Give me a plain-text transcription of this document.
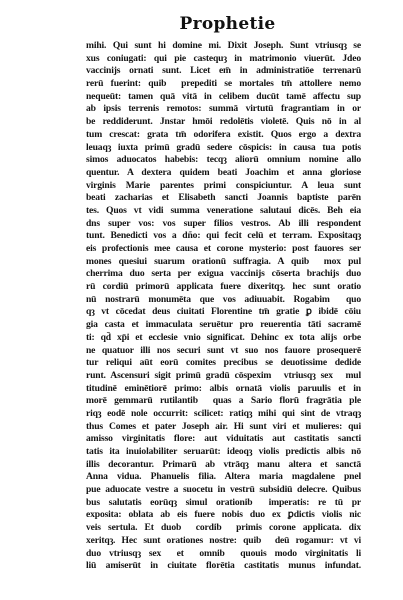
Prophetie
mihi. Qui sunt hi domine mi. Dixit Joseph. Sunt vtriusqȝ se
xus coniugati: qui pie castequȝ in matrimonio viuerūt. Jdeo
vaccinijs ornati sunt. Licet em̄ in administratiōe terrenarū
rerū fuerint: quib᷑ prepediti se mortales tm̄ attollere nemo
nequeūt: tamen quā vitā in celibem ducūt tamē affectu sup
ab ipsis terrenis remotos: summā virtutū fragrantiam in or
be reddiderunt. Jnstar hmōi redolētis violetē. Quis nō in al
tum crescat: grata tm̄ odorifera existit. Quos ergo a dextra
leuaqȝ iuxta primū gradū sedere cōspicis: in causa tua potis
simos aduocatos habebis: tecqȝ aliorū omnium nomine allo
quentur. A dextera quidem beati Joachim et anna gloriose
virginis Marie parentes primi conspiciuntur. A leua sunt
beati zacharias et Elisabeth sancti Joannis baptiste parēn
tes. Quos vt vidi summa veneratione salutaui dicēs. Beh eia
dns super vos: vos super filios vestros. Ab illi respondent
tunt. Benedicti vos a dño: qui fecit celū et terram. Expositaqȝ
eis profectionis mee causa et corone mysterio: post fauores ser
mones quesiui suarum orationū suffragia. A quib᷑ mox pul
cherrima duo serta per exigua vaccinijs cōserta brachijs duo
rū cordiū primorū applicata fuere dixeritqȝ. hec sunt oratio
nū nostrarū monumēta que vos adiuuabit. Rogabim᷑ quo
qȝ vt cōcedat deus ciuitati Florentine tm̄ gratie ꝑ ibidē cōiu
gia casta et immaculata seruētur pro reuerentia tāti sacramē
ti: qd̄ xp̄i et ecclesie vnio significat. Dehinc ex tota alijs orbe
ne quatuor illi nos securi sunt vt suo nos fauore prosequerē
tur reliqui aūt eorū comites precibus se deuotissime dedide
runt. Ascensuri sigit primū gradū cōspexim᷑ vtriusqȝ sex᷑ mul
titudinē eminētiorē primo: albis ornatā violis paruulis et in
morē gemmarū rutilantib᷑ quas a Sario florū fragrātia ple
riqȝ eodē nole occurrit: scilicet: ratiqȝ mihi qui sint de vtraqȝ
thus Comes et pater Joseph air. Hi sunt viri et mulieres: qui
amisso virginitatis flore: aut viduitatis aut castitatis sancti
tatis ita inuiolabiliter seruarūt: ideoqȝ violis predictis albis nō
illis decorantur. Primarū ab vtrāqȝ manu altera et sanctā
Anna vidua. Phanuelis filia. Altera maria magdalene pnel
pue aduocate vestre a suocetu in vestrū subsidiū delecre. Quibus
bus salutatis eorūqȝ simul orationib᷑ imperatis: re tū pr
exposita: oblata ab eis fuere nobis duo ex ꝑdictis violis nic
veis sertula. Et duob᷑ cordib᷑ primis corone applicata. dix
xeritqȝ. Hec sunt orationes nostre: quib᷑ deū rogamur: vt vi
duo vtriusqȝ sex᷑ et᷑ omnib᷑ quouis modo virginitatis li
liū amiserūt in ciuitate florētia castitatis munus infundat.
